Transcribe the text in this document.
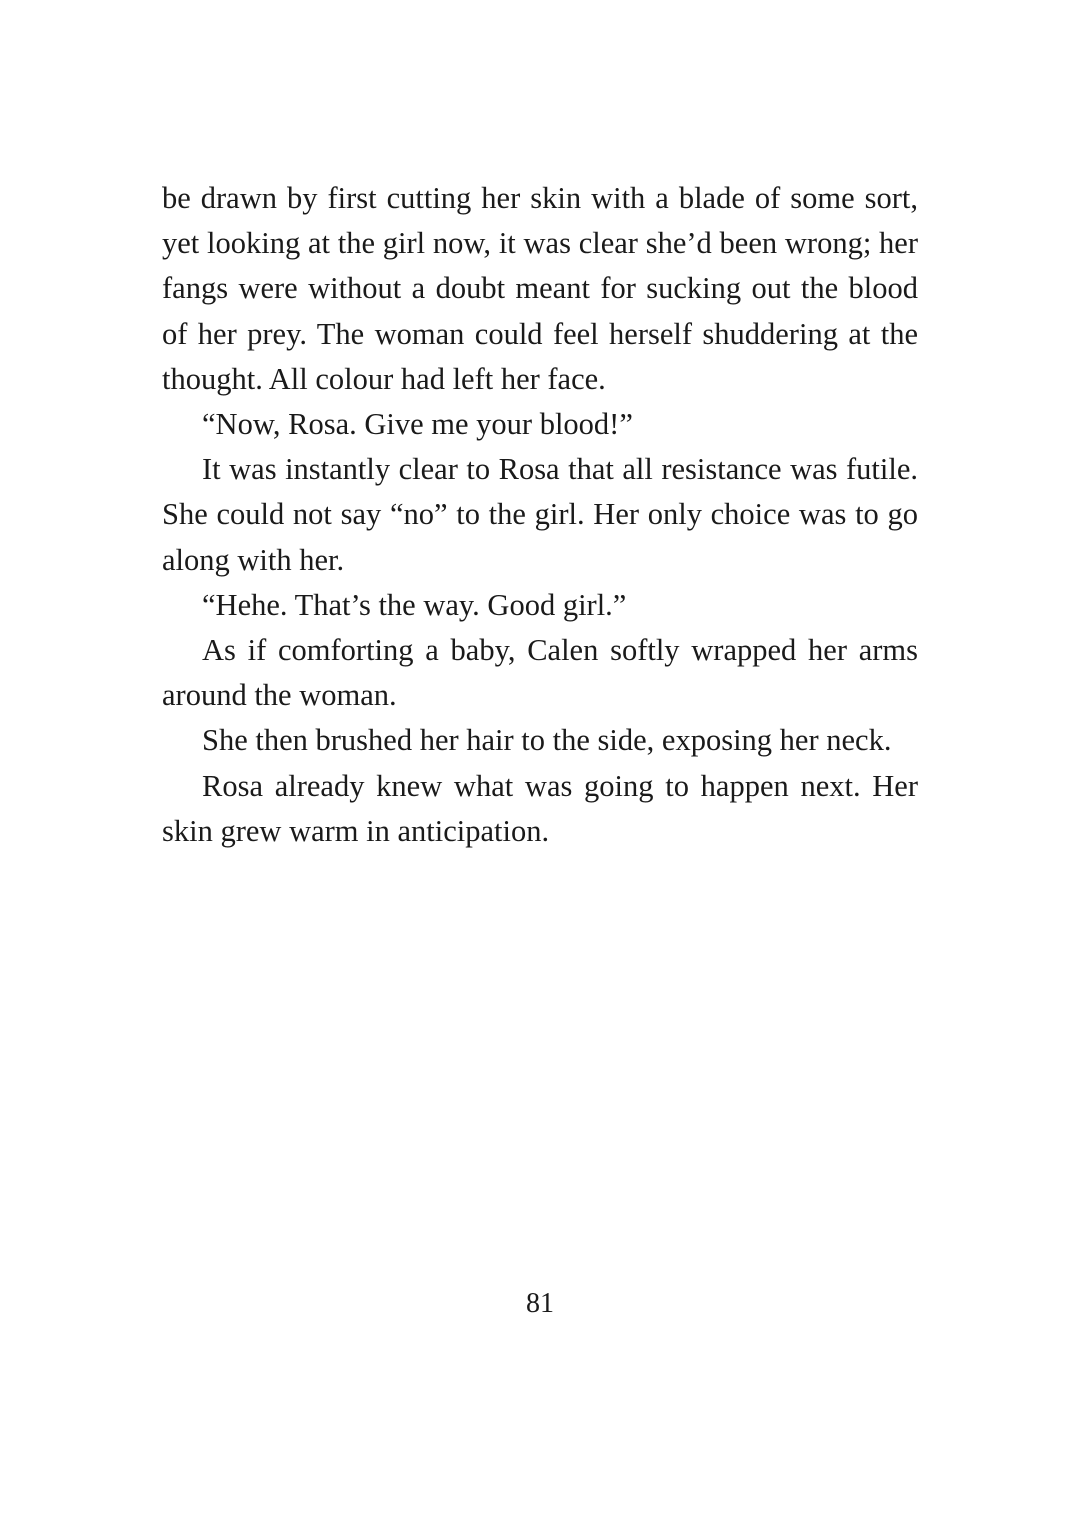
be drawn by first cutting her skin with a blade of some sort, yet looking at the girl now, it was clear she’d been wrong; her fangs were without a doubt meant for sucking out the blood of her prey. The woman could feel herself shuddering at the thought. All colour had left her face.

“Now, Rosa. Give me your blood!”

It was instantly clear to Rosa that all resistance was futile. She could not say “no” to the girl. Her only choice was to go along with her.

“Hehe. That’s the way. Good girl.”

As if comforting a baby, Calen softly wrapped her arms around the woman.

She then brushed her hair to the side, exposing her neck.

Rosa already knew what was going to happen next. Her skin grew warm in anticipation.

81
